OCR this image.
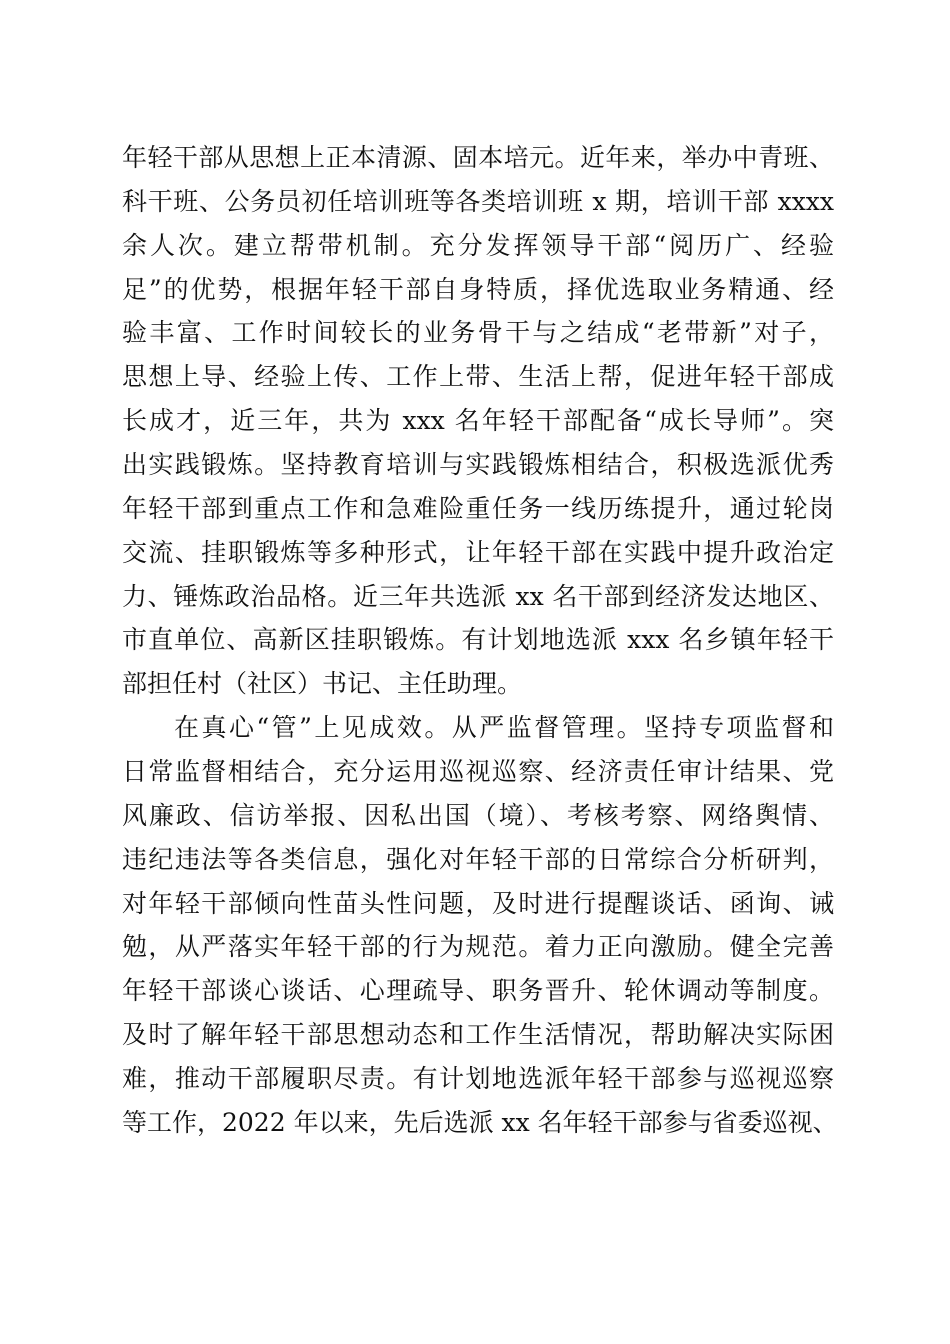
年轻干部从思想上正本清源、固本培元。近年来，举办中青班、
科干班、公务员初任培训班等各类培训班 x 期，培训干部 xxxx
余人次。建立帮带机制。充分发挥领导干部“阅历广、经验
足”的优势，根据年轻干部自身特质，择优选取业务精通、经
验丰富、工作时间较长的业务骨干与之结成“老带新”对子，
思想上导、经验上传、工作上带、生活上帮，促进年轻干部成
长成才，近三年，共为 xxx 名年轻干部配备“成长导师”。突
出实践锻炼。坚持教育培训与实践锻炼相结合，积极选派优秀
年轻干部到重点工作和急难险重任务一线历练提升，通过轮岗
交流、挂职锻炼等多种形式，让年轻干部在实践中提升政治定
力、锤炼政治品格。近三年共选派 xx 名干部到经济发达地区、
市直单位、高新区挂职锻炼。有计划地选派 xxx 名乡镇年轻干
部担任村（社区）书记、主任助理。
在真心“管”上见成效。从严监督管理。坚持专项监督和
日常监督相结合，充分运用巡视巡察、经济责任审计结果、党
风廉政、信访举报、因私出国（境）、考核考察、网络舆情、
违纪违法等各类信息，强化对年轻干部的日常综合分析研判，
对年轻干部倾向性苗头性问题，及时进行提醒谈话、函询、诫
勉，从严落实年轻干部的行为规范。着力正向激励。健全完善
年轻干部谈心谈话、心理疏导、职务晋升、轮休调动等制度。
及时了解年轻干部思想动态和工作生活情况，帮助解决实际困
难，推动干部履职尽责。有计划地选派年轻干部参与巡视巡察
等工作，2022 年以来，先后选派 xx 名年轻干部参与省委巡视、
